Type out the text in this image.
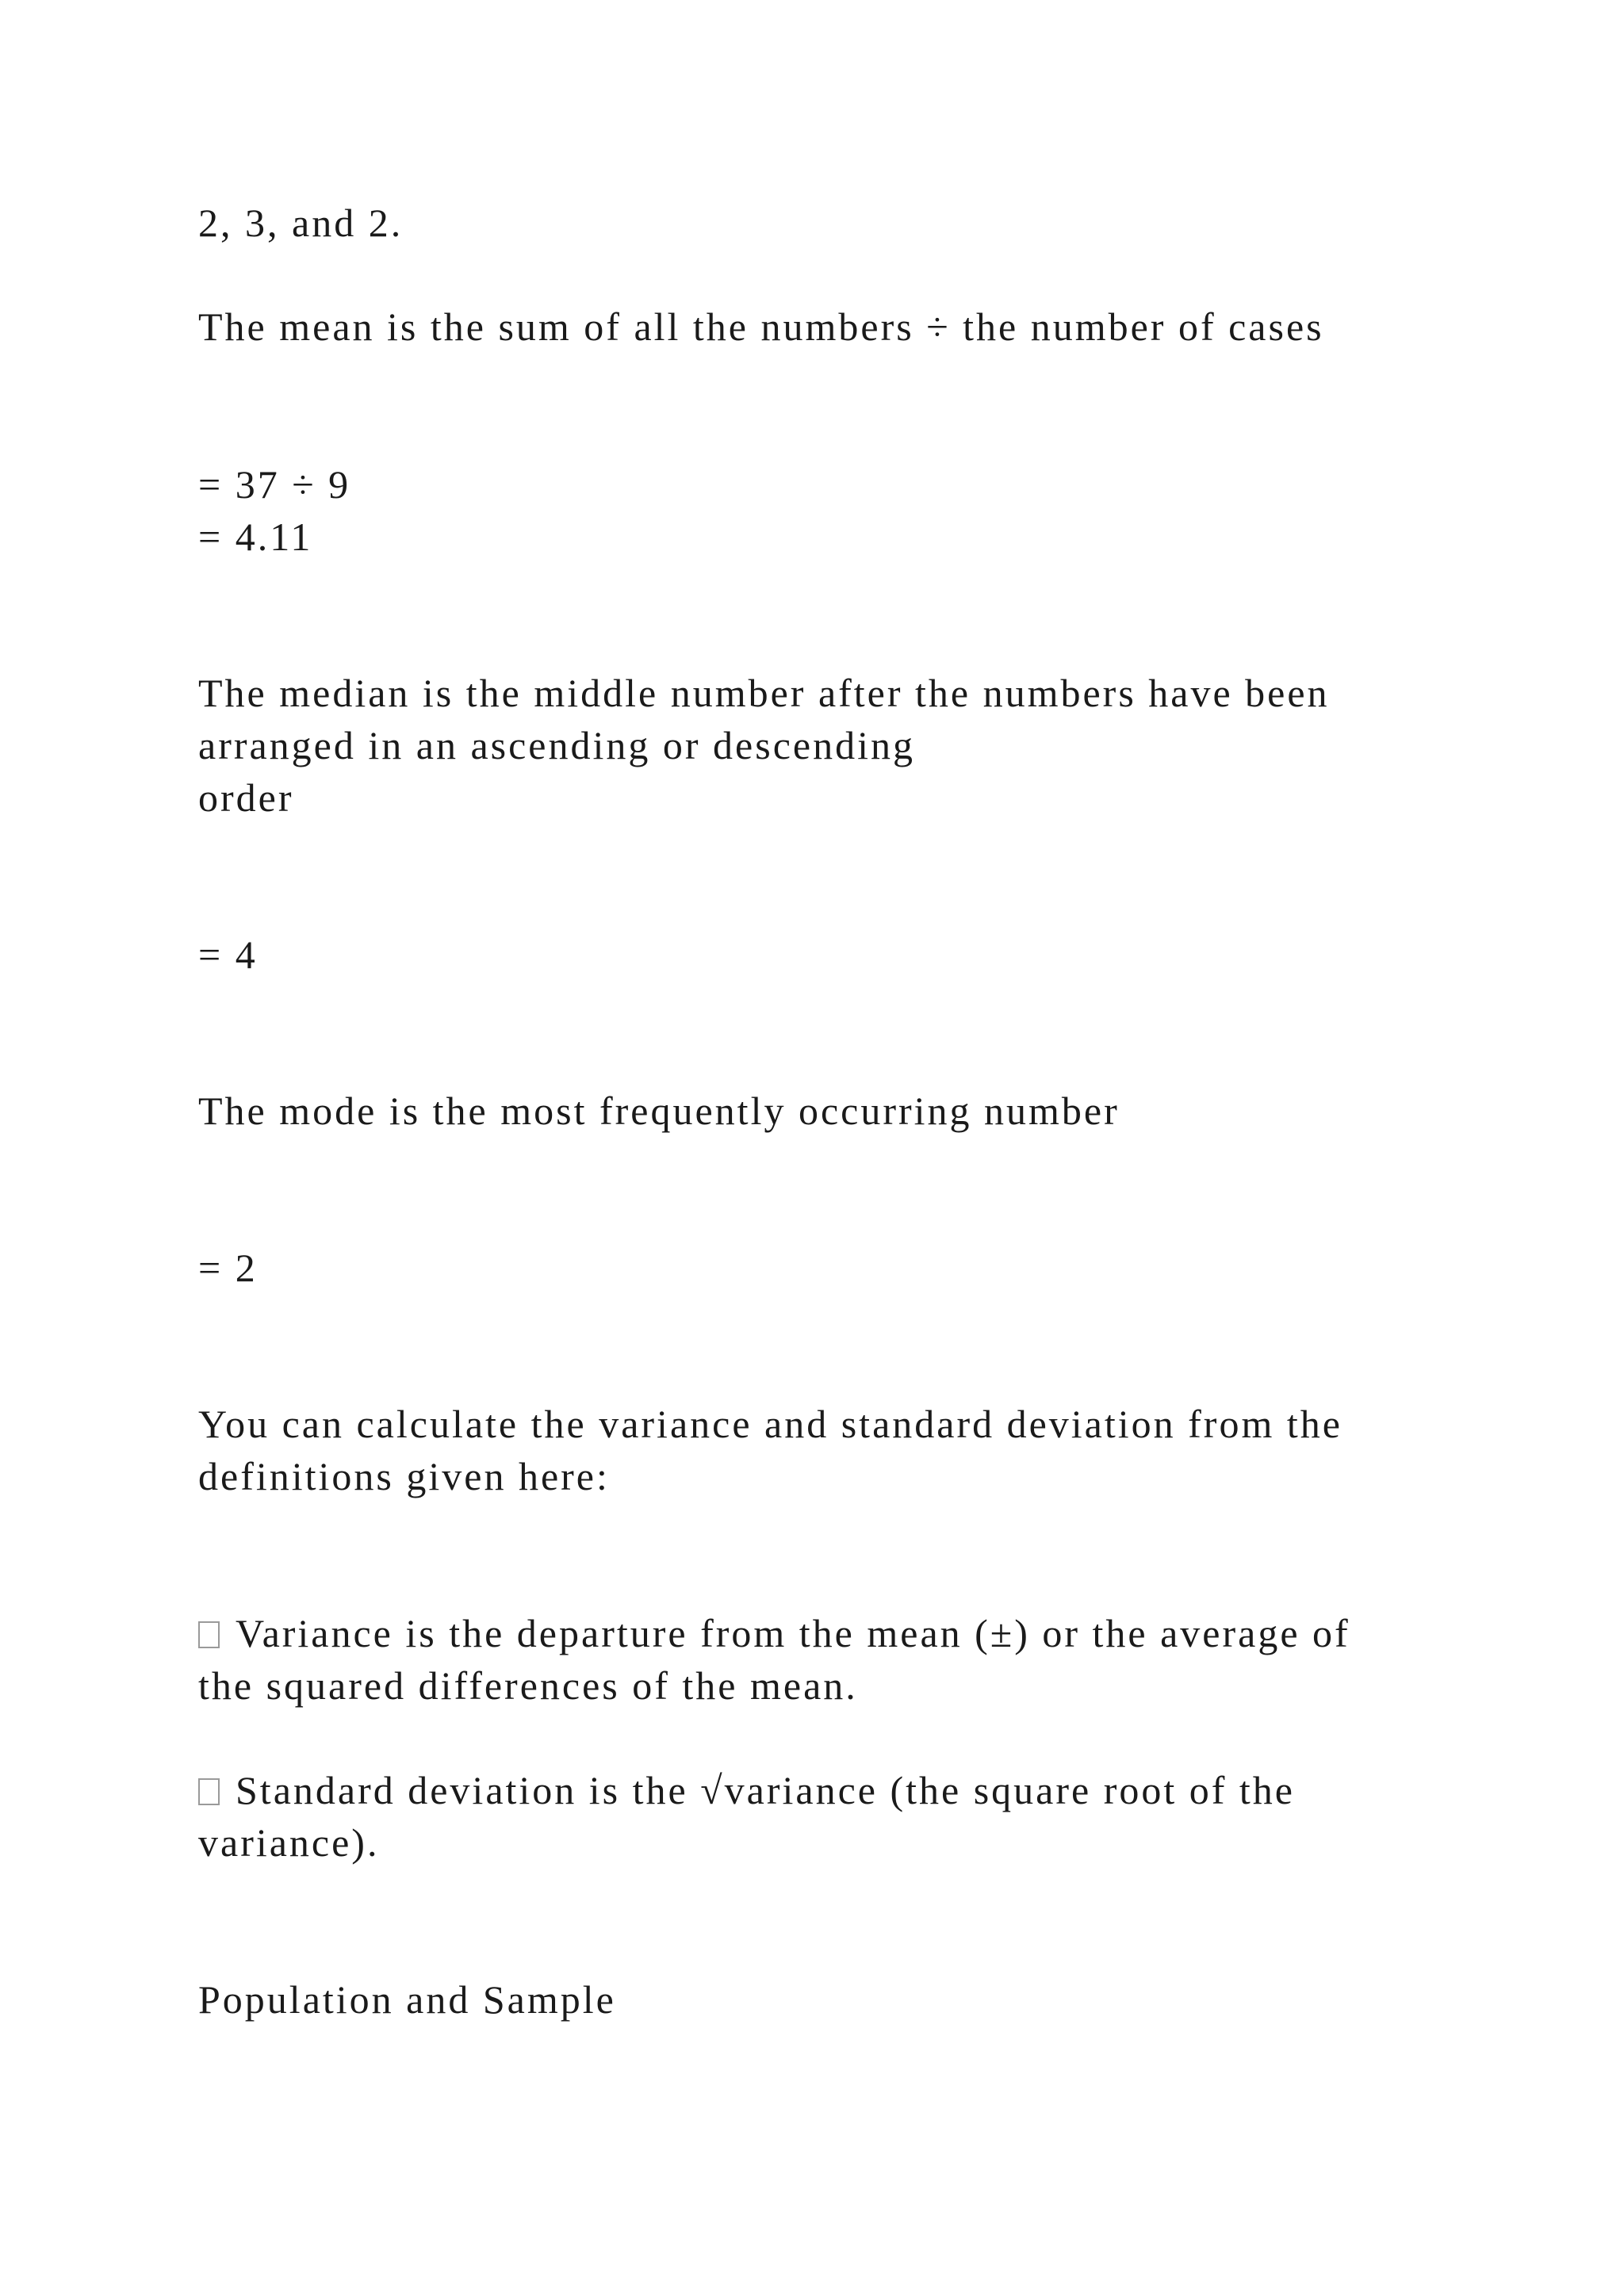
2, 3, and 2.
The mean is the sum of all the numbers ÷ the number of cases
= 37 ÷ 9
= 4.11
The median is the middle number after the numbers have been
arranged in an ascending or descending
order
= 4
The mode is the most frequently occurring number
= 2
You can calculate the variance and standard deviation from the
definitions given here:
Variance is the departure from the mean (±) or the average of
the squared differences of the mean.
Standard deviation is the √variance (the square root of the
variance).
Population and Sample
